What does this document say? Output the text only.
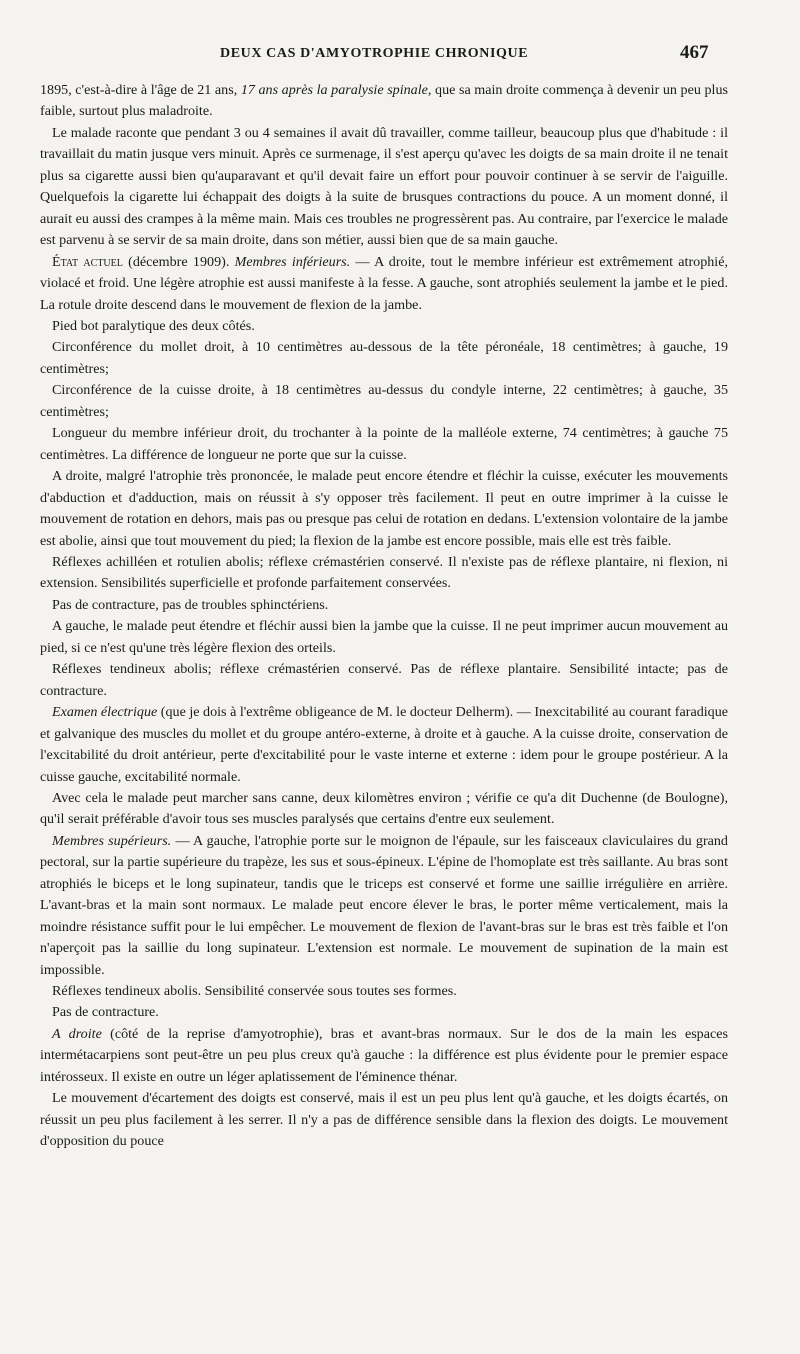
DEUX CAS D'AMYOTROPHIE CHRONIQUE	467

1895, c'est-à-dire à l'âge de 21 ans, 17 ans après la paralysie spinale, que sa main droite commença à devenir un peu plus faible, surtout plus maladroite.

Le malade raconte que pendant 3 ou 4 semaines il avait dû travailler, comme tailleur, beaucoup plus que d'habitude : il travaillait du matin jusque vers minuit. Après ce surmenage, il s'est aperçu qu'avec les doigts de sa main droite il ne tenait plus sa cigarette aussi bien qu'auparavant et qu'il devait faire un effort pour pouvoir continuer à se servir de l'aiguille. Quelquefois la cigarette lui échappait des doigts à la suite de brusques contractions du pouce. A un moment donné, il aurait eu aussi des crampes à la même main. Mais ces troubles ne progressèrent pas. Au contraire, par l'exercice le malade est parvenu à se servir de sa main droite, dans son métier, aussi bien que de sa main gauche.

État actuel (décembre 1909). Membres inférieurs. — A droite, tout le membre inférieur est extrêmement atrophié, violacé et froid. Une légère atrophie est aussi manifeste à la fesse. A gauche, sont atrophiés seulement la jambe et le pied. La rotule droite descend dans le mouvement de flexion de la jambe.

Pied bot paralytique des deux côtés.

Circonférence du mollet droit, à 10 centimètres au-dessous de la tête péronéale, 18 centimètres; à gauche, 19 centimètres;

Circonférence de la cuisse droite, à 18 centimètres au-dessus du condyle interne, 22 centimètres; à gauche, 35 centimètres;

Longueur du membre inférieur droit, du trochanter à la pointe de la malléole externe, 74 centimètres; à gauche 75 centimètres. La différence de longueur ne porte que sur la cuisse.

A droite, malgré l'atrophie très prononcée, le malade peut encore étendre et fléchir la cuisse, exécuter les mouvements d'abduction et d'adduction, mais on réussit à s'y opposer très facilement. Il peut en outre imprimer à la cuisse le mouvement de rotation en dehors, mais pas ou presque pas celui de rotation en dedans. L'extension volontaire de la jambe est abolie, ainsi que tout mouvement du pied; la flexion de la jambe est encore possible, mais elle est très faible.

Réflexes achilléen et rotulien abolis; réflexe crémastérien conservé. Il n'existe pas de réflexe plantaire, ni flexion, ni extension. Sensibilités superficielle et profonde parfaitement conservées.

Pas de contracture, pas de troubles sphinctériens.

A gauche, le malade peut étendre et fléchir aussi bien la jambe que la cuisse. Il ne peut imprimer aucun mouvement au pied, si ce n'est qu'une très légère flexion des orteils.

Réflexes tendineux abolis; réflexe crémastérien conservé. Pas de réflexe plantaire. Sensibilité intacte; pas de contracture.

Examen électrique (que je dois à l'extrême obligeance de M. le docteur Delherm). — Inexcitabilité au courant faradique et galvanique des muscles du mollet et du groupe antéro-externe, à droite et à gauche. A la cuisse droite, conservation de l'excitabilité du droit antérieur, perte d'excitabilité pour le vaste interne et externe : idem pour le groupe postérieur. A la cuisse gauche, excitabilité normale.

Avec cela le malade peut marcher sans canne, deux kilomètres environ ; vérifie ce qu'a dit Duchenne (de Boulogne), qu'il serait préférable d'avoir tous ses muscles paralysés que certains d'entre eux seulement.

Membres supérieurs. — A gauche, l'atrophie porte sur le moignon de l'épaule, sur les faisceaux claviculaires du grand pectoral, sur la partie supérieure du trapèze, les sus et sous-épineux. L'épine de l'homoplate est très saillante. Au bras sont atrophiés le biceps et le long supinateur, tandis que le triceps est conservé et forme une saillie irrégulière en arrière. L'avant-bras et la main sont normaux. Le malade peut encore élever le bras, le porter même verticalement, mais la moindre résistance suffit pour le lui empêcher. Le mouvement de flexion de l'avant-bras sur le bras est très faible et l'on n'aperçoit pas la saillie du long supinateur. L'extension est normale. Le mouvement de supination de la main est impossible.

Réflexes tendineux abolis. Sensibilité conservée sous toutes ses formes.

Pas de contracture.

A droite (côté de la reprise d'amyotrophie), bras et avant-bras normaux. Sur le dos de la main les espaces intermétacarpiens sont peut-être un peu plus creux qu'à gauche : la différence est plus évidente pour le premier espace intérosseux. Il existe en outre un léger aplatissement de l'éminence thénar.

Le mouvement d'écartement des doigts est conservé, mais il est un peu plus lent qu'à gauche, et les doigts écartés, on réussit un peu plus facilement à les serrer. Il n'y a pas de différence sensible dans la flexion des doigts. Le mouvement d'opposition du pouce
